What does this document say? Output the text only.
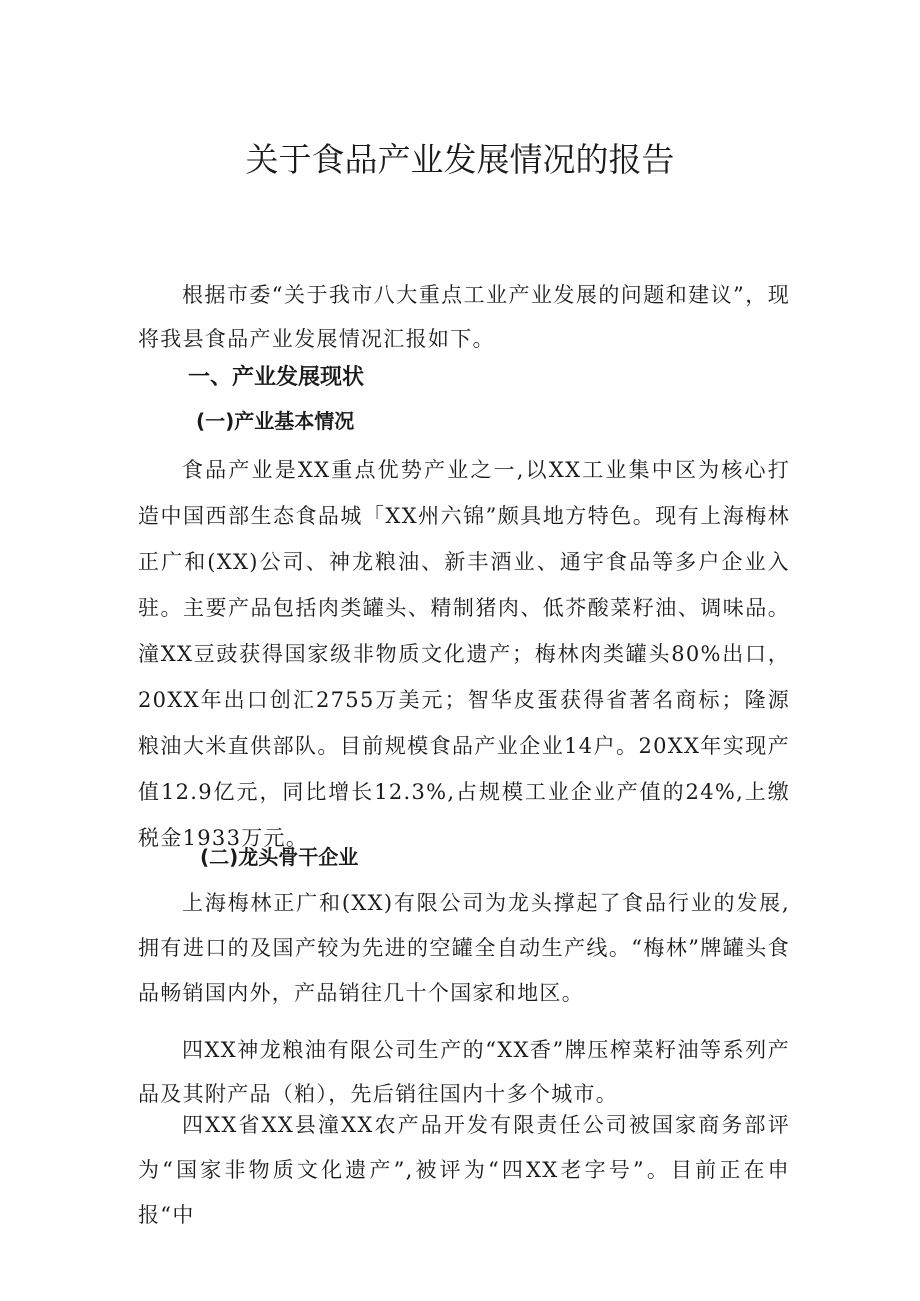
关于食品产业发展情况的报告

根据市委“关于我市八大重点工业产业发展的问题和建议”，现将我县食品产业发展情况汇报如下。

一、产业发展现状
(一)产业基本情况

食品产业是XX重点优势产业之一,以XX工业集中区为核心打造中国西部生态食品城「XX州六锦”颇具地方特色。现有上海梅林正广和(XX)公司、神龙粮油、新丰酒业、通宇食品等多户企业入驻。主要产品包括肉类罐头、精制猪肉、低芥酸菜籽油、调味品。潼XX豆豉获得国家级非物质文化遗产；梅林肉类罐头80%出口，20XX年出口创汇2755万美元；智华皮蛋获得省著名商标；隆源粮油大米直供部队。目前规模食品产业企业14户。20XX年实现产值12.9亿元，同比增长12.3%,占规模工业企业产值的24%,上缴税金1933万元。

(二)龙头骨干企业

上海梅林正广和(XX)有限公司为龙头撑起了食品行业的发展,拥有进口的及国产较为先进的空罐全自动生产线。“梅林”牌罐头食品畅销国内外，产品销往几十个国家和地区。

四XX神龙粮油有限公司生产的“XX香”牌压榨菜籽油等系列产品及其附产品（粕），先后销往国内十多个城市。

四XX省XX县潼XX农产品开发有限责任公司被国家商务部评为“国家非物质文化遗产”,被评为“四XX老字号”。目前正在申报“中
